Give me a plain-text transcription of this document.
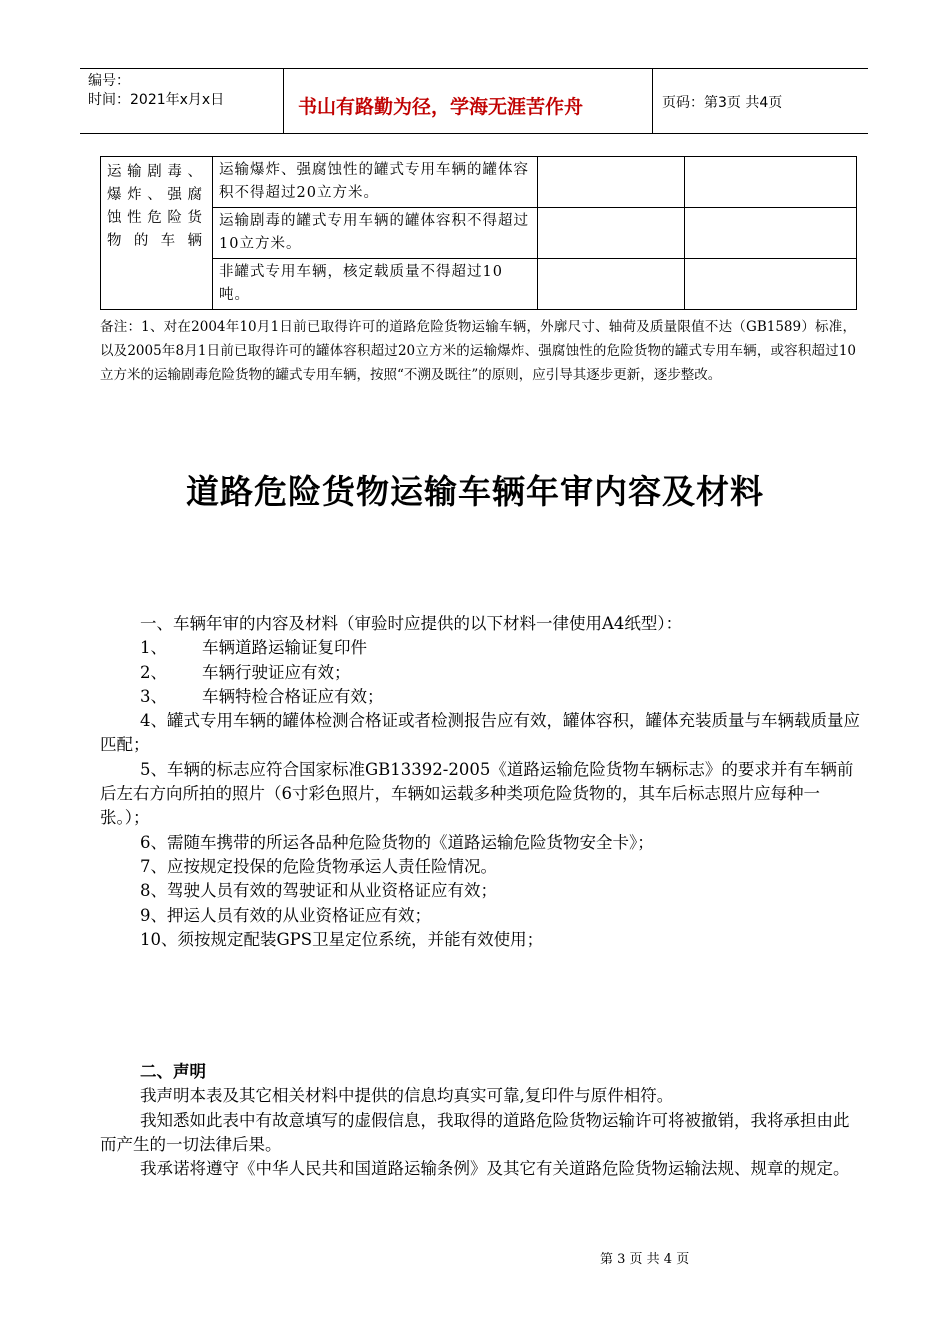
编号：
时间：2021年x月x日	书山有路勤为径，学海无涯苦作舟	页码：第3页 共4页
运输剧毒、爆炸、强腐蚀性危险货物的车辆	运输爆炸、强腐蚀性的罐式专用车辆的罐体容积不得超过20立方米。		
	运输剧毒的罐式专用车辆的罐体容积不得超过10立方米。		
	非罐式专用车辆，核定载质量不得超过10吨。		
备注：1、对在2004年10月1日前已取得许可的道路危险货物运输车辆，外廓尺寸、轴荷及质量限值不达（GB1589）标准，以及2005年8月1日前已取得许可的罐体容积超过20立方米的运输爆炸、强腐蚀性的危险货物的罐式专用车辆，或容积超过10立方米的运输剧毒危险货物的罐式专用车辆，按照“不溯及既往”的原则，应引导其逐步更新，逐步整改。
道路危险货物运输车辆年审内容及材料

一、车辆年审的内容及材料（审验时应提供的以下材料一律使用A4纸型）：

1、 车辆道路运输证复印件

2、 车辆行驶证应有效；

3、 车辆特检合格证应有效；

4、罐式专用车辆的罐体检测合格证或者检测报告应有效，罐体容积，罐体充装质量与车辆载质量应匹配；

5、车辆的标志应符合国家标准GB13392-2005《道路运输危险货物车辆标志》的要求并有车辆前后左右方向所拍的照片（6寸彩色照片，车辆如运载多种类项危险货物的，其车后标志照片应每种一张。）；

6、需随车携带的所运各品种危险货物的《道路运输危险货物安全卡》；

7、应按规定投保的危险货物承运人责任险情况。

8、驾驶人员有效的驾驶证和从业资格证应有效；

9、押运人员有效的从业资格证应有效；

10、须按规定配装GPS卫星定位系统，并能有效使用；

二、声明

我声明本表及其它相关材料中提供的信息均真实可靠,复印件与原件相符。

我知悉如此表中有故意填写的虚假信息，我取得的道路危险货物运输许可将被撤销，我将承担由此而产生的一切法律后果。

我承诺将遵守《中华人民共和国道路运输条例》及其它有关道路危险货物运输法规、规章的规定。

第 3 页 共 4 页
